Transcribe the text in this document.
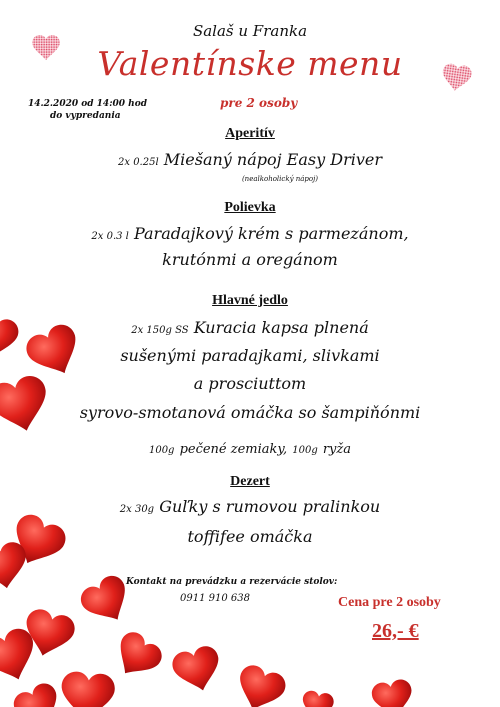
Salaš u Franka
Valentínske menu
14.2.2020 od 14:00 hod
do vypredania
pre 2 osoby
Aperitív
2x 0.25l Miešaný nápoj Easy Driver
(nealkoholický nápoj)
Polievka
2x 0.3 l Paradajkový krém s parmezánom,
krutónmi a oregánom
Hlavné jedlo
2x 150g SS Kuracia kapsa plnená
sušenými paradajkami, slivkami
a prosciuttom
syrovo-smotanová omáčka so šampiňónmi
100g pečené zemiaky, 100g ryža
Dezert
2x 30g Guľky s rumovou pralinkou
toffifee omáčka
Kontakt na prevádzku a rezervácie stolov:
0911 910 638	Cena pre 2 osoby
26,- €
